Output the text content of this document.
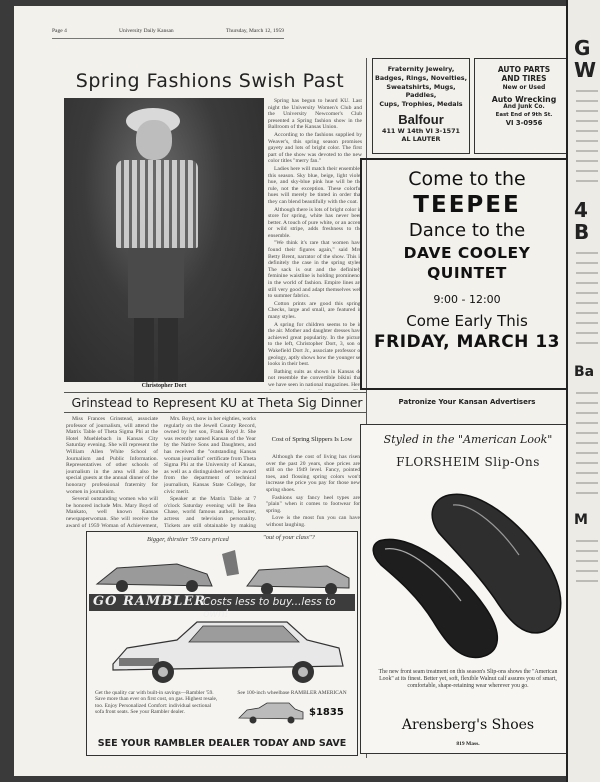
Page 4	University Daily Kansan	Thursday, March 12, 1959
Spring Fashions Swish Past
Christopher Dort

Spring has begun to heard KU. Last night the University Women's Club and the University Newcomer's Club presented a Spring fashion show in the Ballroom of the Kansas Union.

According to the fashions supplied by Weaver's, this spring season promises gayety and lots of bright color. The first part of the show was devoted to the new color titles "merry fan."

Ladies here will match their ensembles this season. Sky blue, beige, light violet hue, and sky-blue pink hue will be the rule, not the exception. These colorful hues will merely be tinted in order that they can blend beautifully with the coat.

Although there is lots of bright color in store for spring, white has never been better. A touch of pure white, or an accent or wild stripe, adds freshness to the ensemble.

"We think it's rare that women have found their figures again," said Mrs. Betty Brent, narrator of the show. This is definitely the case in the spring styles. The sack is out and the definitely feminine waistline is holding prominence in the world of fashion. Empire lines are still very good and adapt themselves well to summer fabrics.

Cotton prints are good this spring. Checks, large and small, are featured in many styles.

A spring for children seems to be in the air. Mother and daughter dresses have achieved great popularity. In the picture to the left, Christopher Dort, 3, son of Wakefield Dort Jr., associate professor of geology, aptly shows how the younger set looks in their best.

Bathing suits as shown in Kansas do not resemble the convertible bikini that we have seen in national magazines. Here

Grinstead to Represent KU at Theta Sig Dinner

Miss Frances Grinstead, associate professor of journalism, will attend the Matrix Table of Theta Sigma Phi at the Hotel Muehlebach in Kansas City Saturday evening. She will represent the William Allen White School of Journalism and Public Information. Representatives of other schools of journalism in the area will also be special guests at the annual dinner of the honorary professional fraternity for women in journalism.

Several outstanding women who will be honored include Mrs. Mary Boyd of Mankato, well known Kansas newspaperwoman. She will receive the award of 1959 Woman of Achievement,

Mrs. Boyd, now in her eighties, works regularly on the Jewell County Record, owned by her son, Frank Boyd Jr. She was recently named Kansan of the Year by the Native Sons and Daughters, and has received the "outstanding Kansas woman journalist" certificate from Theta Sigma Phi at the University of Kansas, as well as a distinguished service award from the department of technical journalism, Kansas State College, for civic merit.

Speaker at the Matrix Table at 7 o'clock Saturday evening will be Bea Chase, world famous author, lecturer, actress and television personality. Tickets are still obtainable by making

Cost of Spring Slippers Is Low

Although the cost of living has risen over the past 20 years, shoe prices are still on the 1949 level. Fancy, pointed toes, and flossing spring colors won't increase the price you pay for those new spring shoes.

Fashions say fancy heel types are "plain" when it comes to footwear for spring.

Love is the most fun you can have without laughing.

Bigger, thirstier '59 cars priced	"out of your class"?
GO RAMBLER
Costs less to buy...less to own!
Get the quality car with built-in savings—Rambler '59. Save more than ever on first cost, on gas. Highest resale, too. Enjoy Personalized Comfort: individual sectional sofa front seats. See your Rambler dealer.
See 100-inch wheelbase RAMBLER AMERICAN
$1835
SEE YOUR RAMBLER DEALER TODAY AND SAVE
Fraternity Jewelry,
Badges, Rings, Novelties,
Sweatshirts, Mugs, Paddles,
Cups, Trophies, Medals
Balfour
411 W 14th VI 3-1571
AL LAUTER
AUTO PARTS
AND TIRES
New or Used
Auto Wrecking
And Junk Co.
East End of 9th St.
VI 3-0956
Come to the
TEEPEE
Dance to the
DAVE COOLEY
QUINTET
9:00 - 12:00
Come Early This
FRIDAY, MARCH 13
Patronize Your Kansan Advertisers
Styled in the "American Look"
FLORSHEIM Slip-Ons
The new front seam treatment on this season's Slip-ons shows the "American Look" at its finest. Better yet, soft, flexible Walnut calf assures you of smart, comfortable, shape-retaining wear wherever you go.
Arensberg's Shoes
819 Mass.
G
W
4
B
Ba
M
